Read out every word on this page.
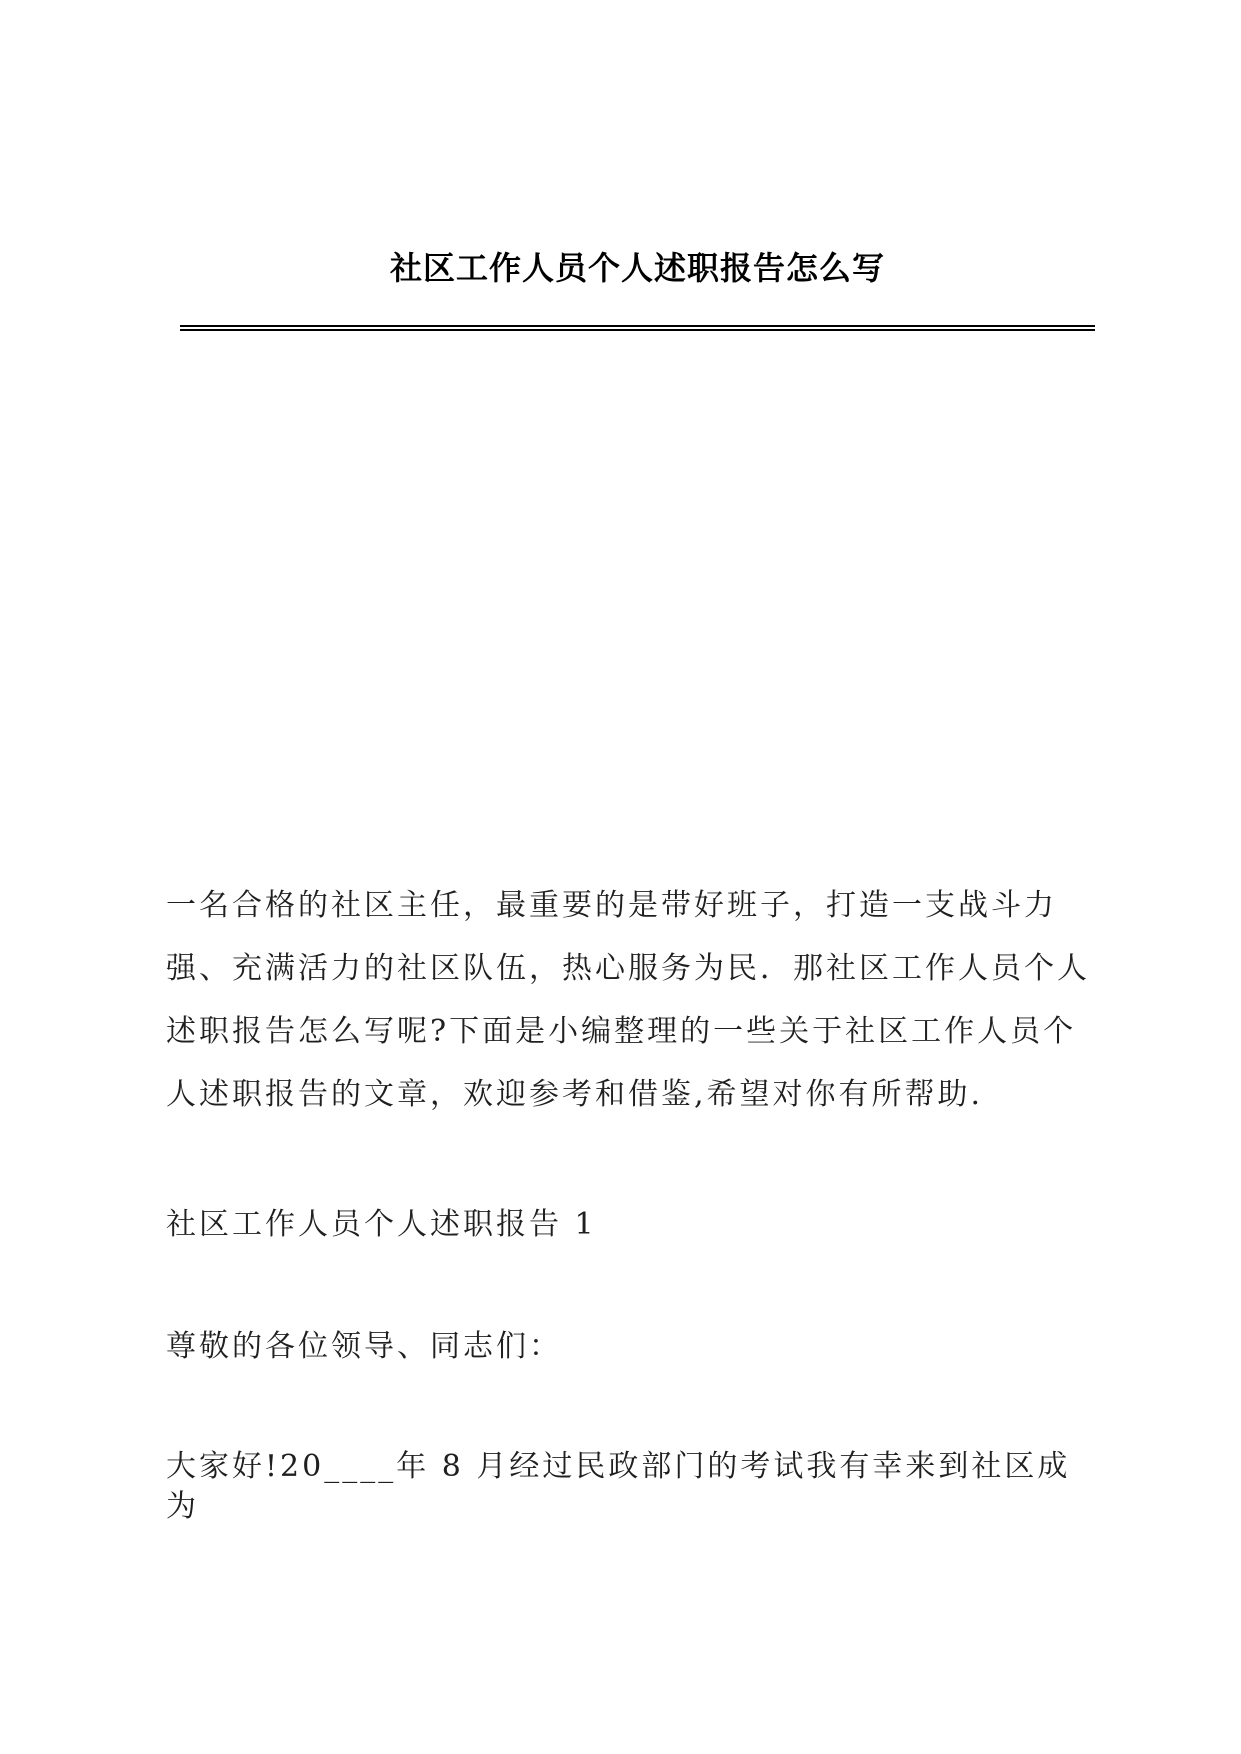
社区工作人员个人述职报告怎么写

一名合格的社区主任，最重要的是带好班子，打造一支战斗力强、充满活力的社区队伍，热心服务为民．那社区工作人员个人述职报告怎么写呢?下面是小编整理的一些关于社区工作人员个人述职报告的文章，欢迎参考和借鉴,希望对你有所帮助.

社区工作人员个人述职报告 1

尊敬的各位领导、同志们：

大家好!20____年 8 月经过民政部门的考试我有幸来到社区成为
